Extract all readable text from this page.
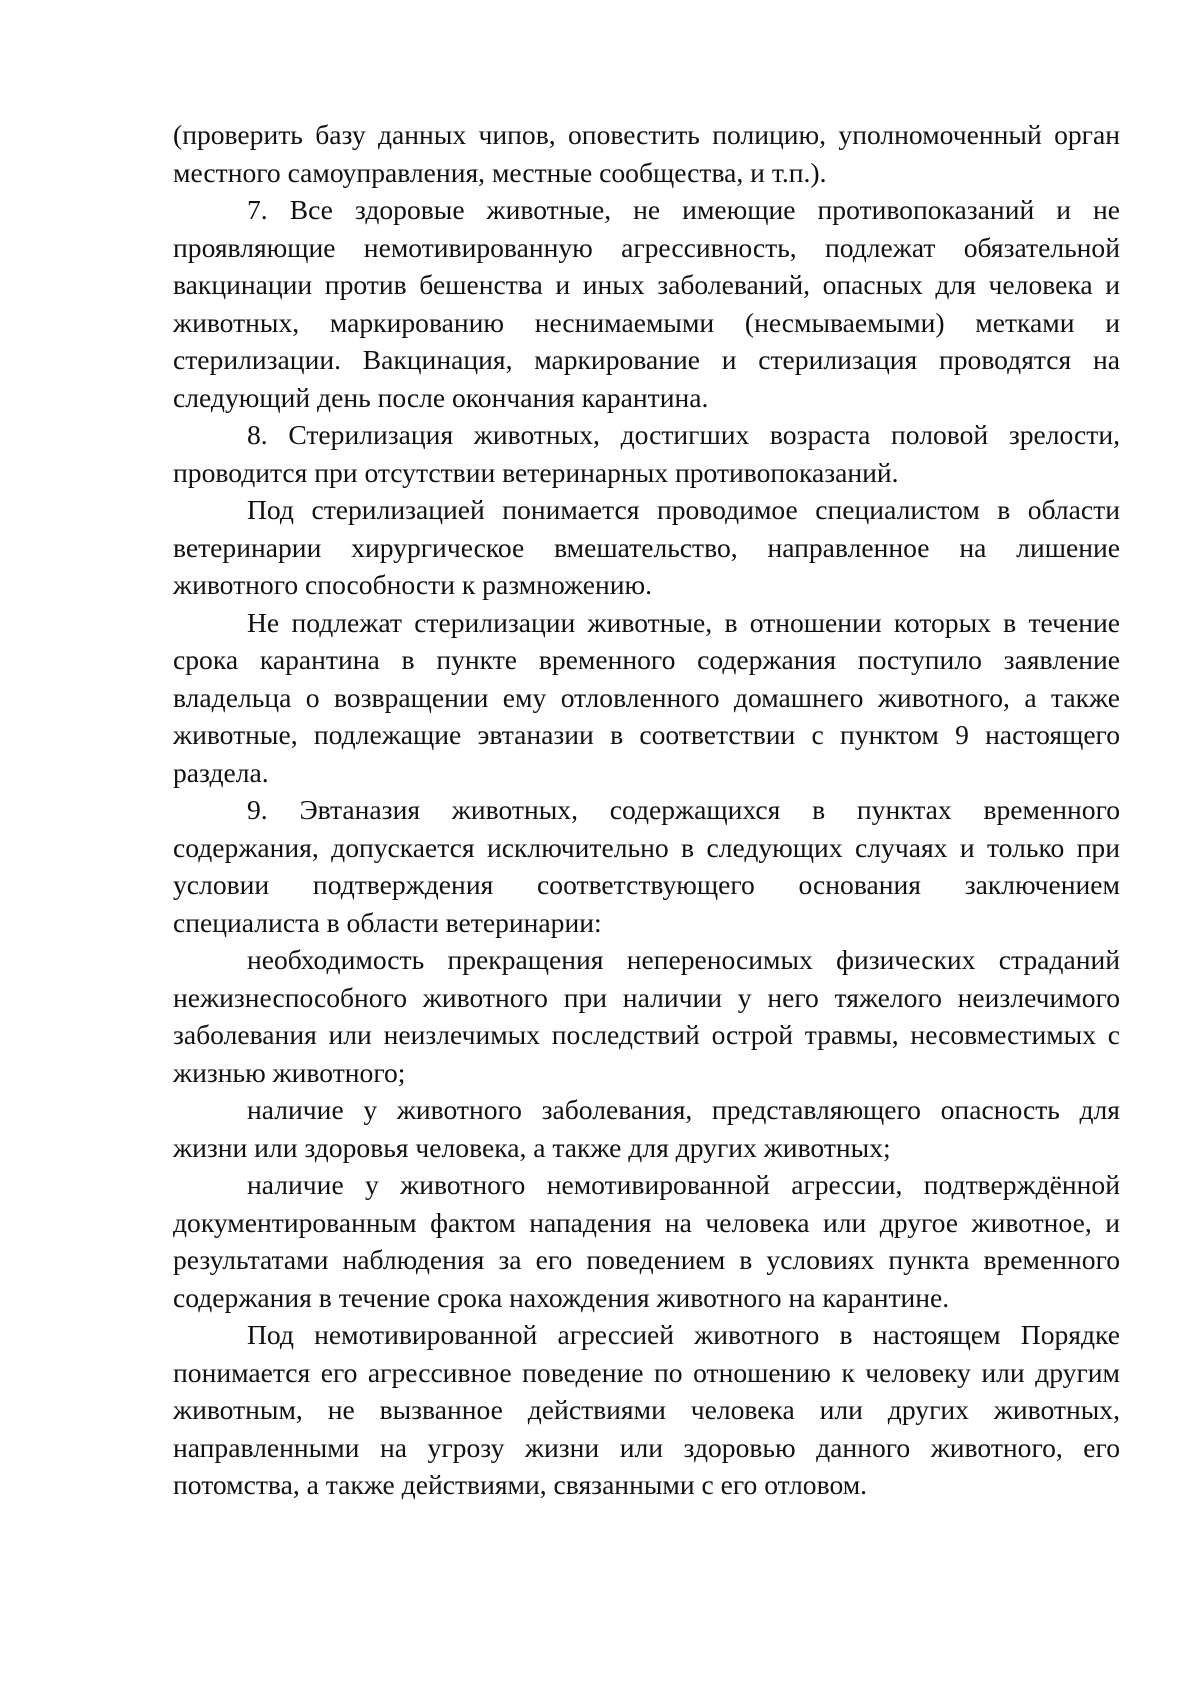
(проверить базу данных чипов, оповестить полицию, уполномоченный орган местного самоуправления, местные сообщества, и т.п.).

7. Все здоровые животные, не имеющие противопоказаний и не проявляющие немотивированную агрессивность, подлежат обязательной вакцинации против бешенства и иных заболеваний, опасных для человека и животных, маркированию неснимаемыми (несмываемыми) метками и стерилизации. Вакцинация, маркирование и стерилизация проводятся на следующий день после окончания карантина.

8. Стерилизация животных, достигших возраста половой зрелости, проводится при отсутствии ветеринарных противопоказаний.

Под стерилизацией понимается проводимое специалистом в области ветеринарии хирургическое вмешательство, направленное на лишение животного способности к размножению.

Не подлежат стерилизации животные, в отношении которых в течение срока карантина в пункте временного содержания поступило заявление владельца о возвращении ему отловленного домашнего животного, а также животные, подлежащие эвтаназии в соответствии с пунктом 9 настоящего раздела.

9. Эвтаназия животных, содержащихся в пунктах временного содержания, допускается исключительно в следующих случаях и только при условии подтверждения соответствующего основания заключением специалиста в области ветеринарии:

необходимость прекращения непереносимых физических страданий нежизнеспособного животного при наличии у него тяжелого неизлечимого заболевания или неизлечимых последствий острой травмы, несовместимых с жизнью животного;

наличие у животного заболевания, представляющего опасность для жизни или здоровья человека, а также для других животных;

наличие у животного немотивированной агрессии, подтверждённой документированным фактом нападения на человека или другое животное, и результатами наблюдения за его поведением в условиях пункта временного содержания в течение срока нахождения животного на карантине.

Под немотивированной агрессией животного в настоящем Порядке понимается его агрессивное поведение по отношению к человеку или другим животным, не вызванное действиями человека или других животных, направленными на угрозу жизни или здоровью данного животного, его потомства, а также действиями, связанными с его отловом.
